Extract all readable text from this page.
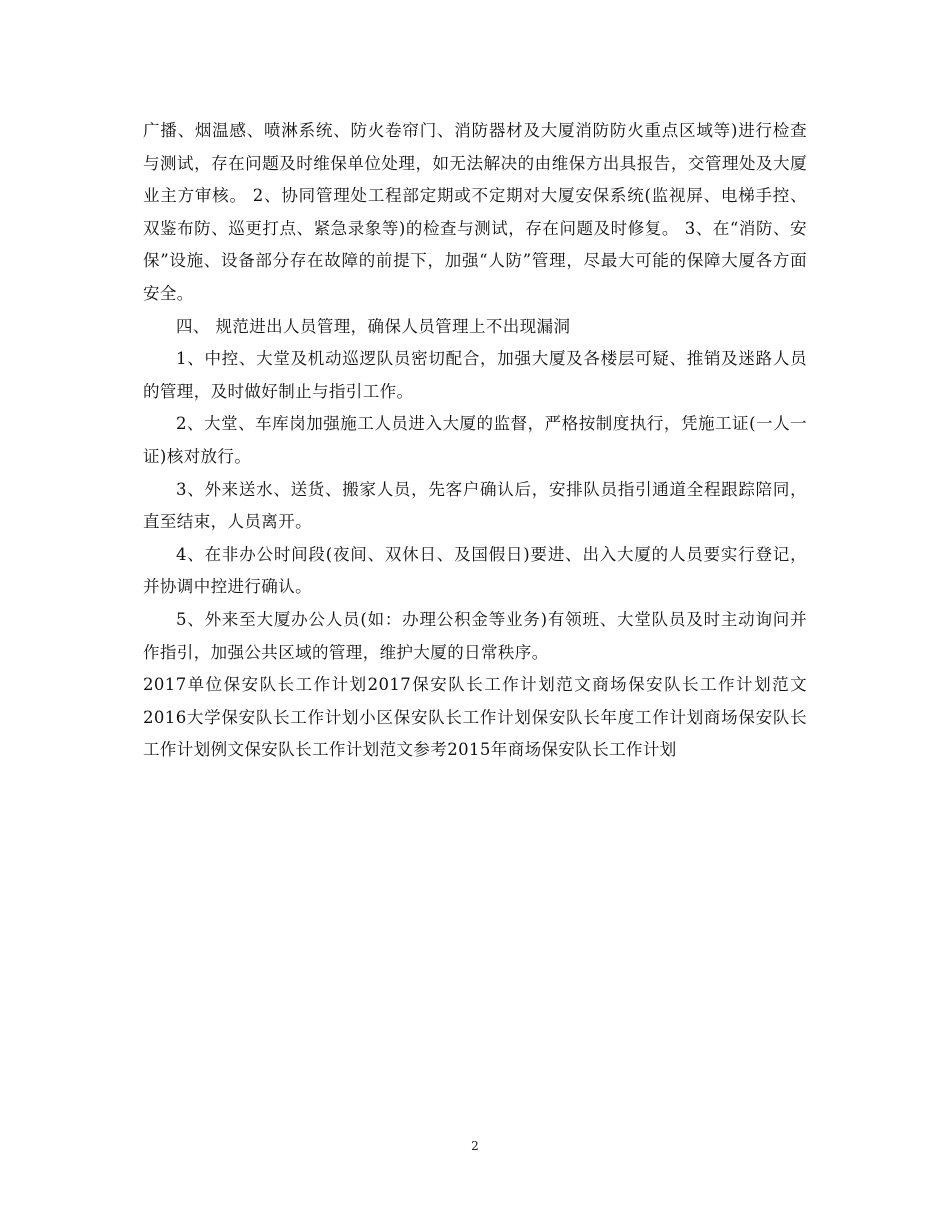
广播、烟温感、喷淋系统、防火卷帘门、消防器材及大厦消防防火重点区域等)进行检查与测试，存在问题及时维保单位处理，如无法解决的由维保方出具报告，交管理处及大厦业主方审核。 2、协同管理处工程部定期或不定期对大厦安保系统(监视屏、电梯手控、双鉴布防、巡更打点、紧急录象等)的检查与测试，存在问题及时修复。 3、在“消防、安保”设施、设备部分存在故障的前提下，加强“人防”管理，尽最大可能的保障大厦各方面安全。

四、 规范进出人员管理，确保人员管理上不出现漏洞

1、中控、大堂及机动巡逻队员密切配合，加强大厦及各楼层可疑、推销及迷路人员的管理，及时做好制止与指引工作。

2、大堂、车库岗加强施工人员进入大厦的监督，严格按制度执行，凭施工证(一人一证)核对放行。

3、外来送水、送货、搬家人员，先客户确认后，安排队员指引通道全程跟踪陪同，直至结束，人员离开。

4、在非办公时间段(夜间、双休日、及国假日)要进、出入大厦的人员要实行登记，并协调中控进行确认。

5、外来至大厦办公人员(如：办理公积金等业务)有领班、大堂队员及时主动询问并作指引，加强公共区域的管理，维护大厦的日常秩序。

2017单位保安队长工作计划2017保安队长工作计划范文商场保安队长工作计划范文2016大学保安队长工作计划小区保安队长工作计划保安队长年度工作计划商场保安队长工作计划例文保安队长工作计划范文参考2015年商场保安队长工作计划

2
